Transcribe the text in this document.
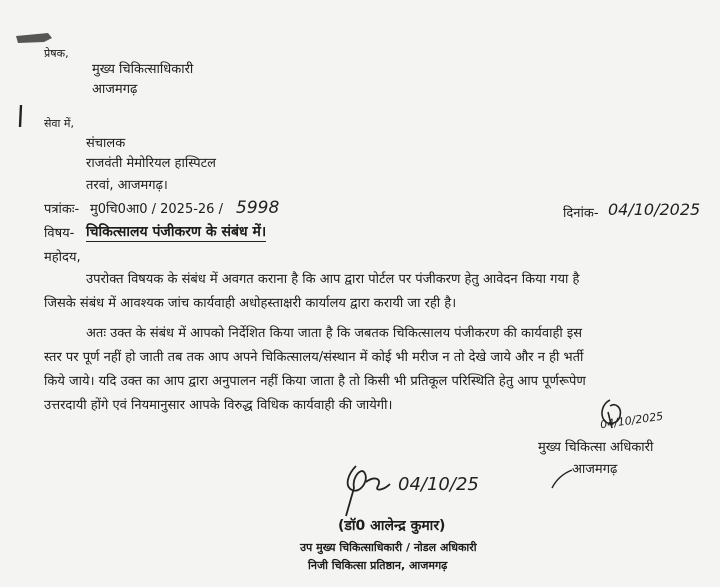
प्रेषक,
मुख्य चिकित्साधिकारी
आजमगढ़
सेवा में,
संचालक
राजवंती मेमोरियल हास्पिटल
तरवां, आजमगढ़।
पत्रांकः- मु0चि0आ0 / 2025-26 / 5998	दिनांक- 04/10/2025
विषय- चिकित्सालय पंजीकरण के संबंध में।
महोदय,
उपरोक्त विषयक के संबंध में अवगत कराना है कि आप द्वारा पोर्टल पर पंजीकरण हेतु आवेदन किया गया है
जिसके संबंध में आवश्यक जांच कार्यवाही अधोहस्ताक्षरी कार्यालय द्वारा करायी जा रही है।
अतः उक्त के संबंध में आपको निर्देशित किया जाता है कि जबतक चिकित्सालय पंजीकरण की कार्यवाही इस
स्तर पर पूर्ण नहीं हो जाती तब तक आप अपने चिकित्सालय/संस्थान में कोई भी मरीज न तो देखे जाये और न ही भर्ती
किये जाये। यदि उक्त का आप द्वारा अनुपालन नहीं किया जाता है तो किसी भी प्रतिकूल परिस्थिति हेतु आप पूर्णरूपेण
उत्तरदायी होंगे एवं नियमानुसार आपके विरुद्ध विधिक कार्यवाही की जायेगी।
04/10/2025
मुख्य चिकित्सा अधिकारी
आजमगढ़
04/10/25
(डॉ0 आलेन्द्र कुमार)
उप मुख्य चिकित्साधिकारी / नोडल अधिकारी
निजी चिकित्सा प्रतिष्ठान, आजमगढ़
